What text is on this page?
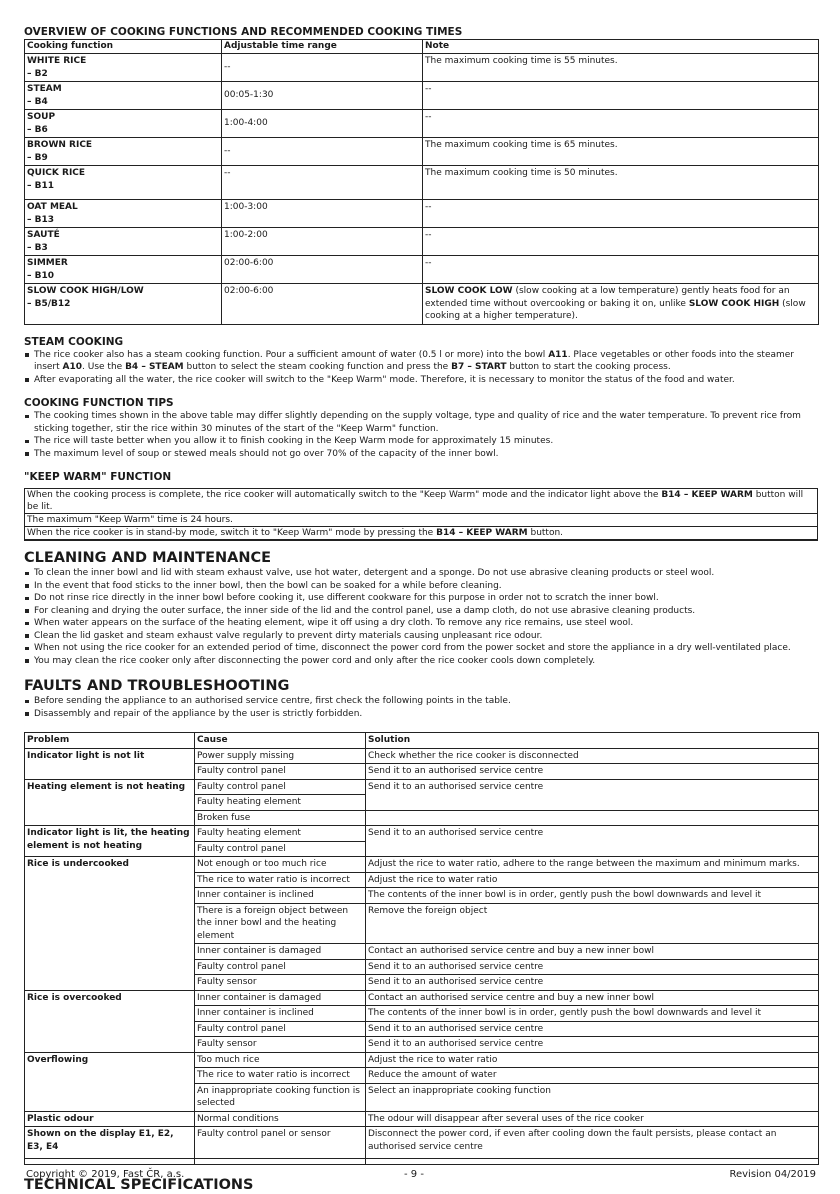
OVERVIEW OF COOKING FUNCTIONS AND RECOMMENDED COOKING TIMES
Cooking function	Adjustable time range	Note

WHITE RICE
– B2	--	The maximum cooking time is 55 minutes.

STEAM
– B4	00:05-1:30	--

SOUP
– B6	1:00-4:00	--

BROWN RICE
– B9	--	The maximum cooking time is 65 minutes.

QUICK RICE
– B11	--	The maximum cooking time is 50 minutes.

OAT MEAL
– B13	1:00-3:00	--

SAUTÉ
– B3	1:00-2:00	--

SIMMER
– B10	02:00-6:00	--

SLOW COOK HIGH/LOW
– B5/B12	02:00-6:00	SLOW COOK LOW (slow cooking at a low temperature) gently heats food for an extended time without overcooking or baking it on, unlike SLOW COOK HIGH (slow cooking at a higher temperature).
STEAM COOKING
The rice cooker also has a steam cooking function. Pour a sufficient amount of water (0.5 l or more) into the bowl A11. Place vegetables or other foods into the steamer insert A10. Use the B4 – STEAM button to select the steam cooking function and press the B7 – START button to start the cooking process.
After evaporating all the water, the rice cooker will switch to the "Keep Warm" mode. Therefore, it is necessary to monitor the status of the food and water.
COOKING FUNCTION TIPS
The cooking times shown in the above table may differ slightly depending on the supply voltage, type and quality of rice and the water temperature. To prevent rice from sticking together, stir the rice within 30 minutes of the start of the "Keep Warm" function.
The rice will taste better when you allow it to finish cooking in the Keep Warm mode for approximately 15 minutes.
The maximum level of soup or stewed meals should not go over 70% of the capacity of the inner bowl.
"KEEP WARM" FUNCTION
When the cooking process is complete, the rice cooker will automatically switch to the "Keep Warm" mode and the indicator light above the B14 – KEEP WARM button will be lit.
The maximum "Keep Warm" time is 24 hours.
When the rice cooker is in stand-by mode, switch it to "Keep Warm" mode by pressing the B14 – KEEP WARM button.
CLEANING AND MAINTENANCE
To clean the inner bowl and lid with steam exhaust valve, use hot water, detergent and a sponge. Do not use abrasive cleaning products or steel wool.
In the event that food sticks to the inner bowl, then the bowl can be soaked for a while before cleaning.
Do not rinse rice directly in the inner bowl before cooking it, use different cookware for this purpose in order not to scratch the inner bowl.
For cleaning and drying the outer surface, the inner side of the lid and the control panel, use a damp cloth, do not use abrasive cleaning products.
When water appears on the surface of the heating element, wipe it off using a dry cloth. To remove any rice remains, use steel wool.
Clean the lid gasket and steam exhaust valve regularly to prevent dirty materials causing unpleasant rice odour.
When not using the rice cooker for an extended period of time, disconnect the power cord from the power socket and store the appliance in a dry well-ventilated place.
You may clean the rice cooker only after disconnecting the power cord and only after the rice cooker cools down completely.
FAULTS AND TROUBLESHOOTING
Before sending the appliance to an authorised service centre, first check the following points in the table.
Disassembly and repair of the appliance by the user is strictly forbidden.
Problem	Cause	Solution
Indicator light is not lit	Power supply missing	Check whether the rice cooker is disconnected
	Faulty control panel	Send it to an authorised service centre
Heating element is not heating	Faulty control panel	Send it to an authorised service centre
	Faulty heating element	
	Broken fuse	
Indicator light is lit, the heating element is not heating	Faulty heating element	Send it to an authorised service centre
	Faulty control panel	
Rice is undercooked	Not enough or too much rice	Adjust the rice to water ratio, adhere to the range between the maximum and minimum marks.
	The rice to water ratio is incorrect	Adjust the rice to water ratio
	Inner container is inclined	The contents of the inner bowl is in order, gently push the bowl downwards and level it
	There is a foreign object between the inner bowl and the heating element	Remove the foreign object
	Inner container is damaged	Contact an authorised service centre and buy a new inner bowl
	Faulty control panel	Send it to an authorised service centre
	Faulty sensor	Send it to an authorised service centre
Rice is overcooked	Inner container is damaged	Contact an authorised service centre and buy a new inner bowl
	Inner container is inclined	The contents of the inner bowl is in order, gently push the bowl downwards and level it
	Faulty control panel	Send it to an authorised service centre
	Faulty sensor	Send it to an authorised service centre
Overflowing	Too much rice	Adjust the rice to water ratio
	The rice to water ratio is incorrect	Reduce the amount of water
	An inappropriate cooking function is selected	Select an inappropriate cooking function
Plastic odour	Normal conditions	The odour will disappear after several uses of the rice cooker
Shown on the display E1, E2, E3, E4	Faulty control panel or sensor	Disconnect the power cord, if even after cooling down the fault persists, please contact an authorised service centre
TECHNICAL SPECIFICATIONS
Copyright © 2019, Fast ČR, a.s.	- 9 -	Revision 04/2019
